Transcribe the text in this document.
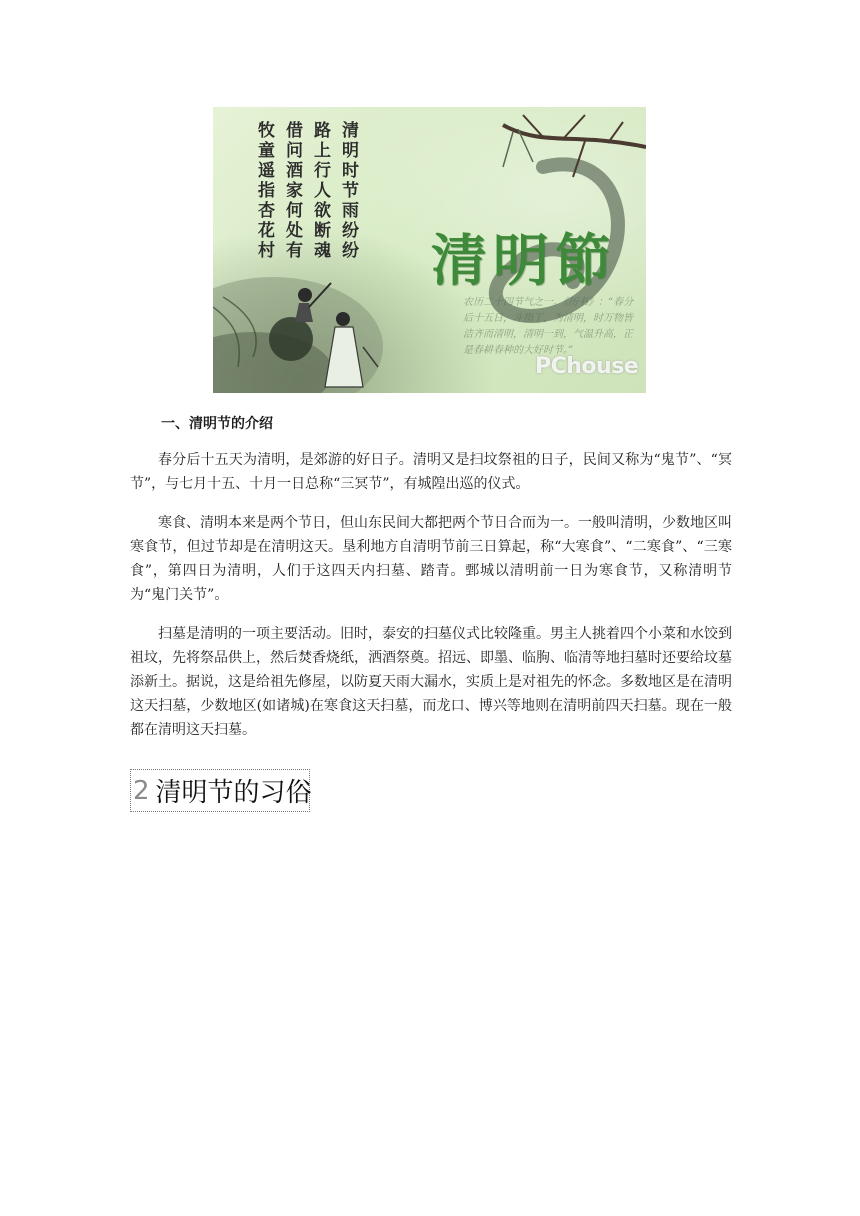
清明时节雨纷纷
路上行人欲断魂
借问酒家何处有
牧童遥指杏花村	清明節
农历二十四节气之一。《历书》：“春分后十五日，斗指丁，为清明，时万物皆洁齐而清明，清明一到，气温升高，正是春耕春种的大好时节。”
PChouse
一、清明节的介绍

春分后十五天为清明，是郊游的好日子。清明又是扫坟祭祖的日子，民间又称为“鬼节”、“冥节”，与七月十五、十月一日总称“三冥节”，有城隍出巡的仪式。

寒食、清明本来是两个节日，但山东民间大都把两个节日合而为一。一般叫清明，少数地区叫寒食节，但过节却是在清明这天。垦利地方自清明节前三日算起，称“大寒食”、“二寒食”、“三寒食”，第四日为清明，人们于这四天内扫墓、踏青。鄄城以清明前一日为寒食节，又称清明节为“鬼门关节”。

扫墓是清明的一项主要活动。旧时，泰安的扫墓仪式比较隆重。男主人挑着四个小菜和水饺到祖坟，先将祭品供上，然后焚香烧纸，洒酒祭奠。招远、即墨、临朐、临清等地扫墓时还要给坟墓添新土。据说，这是给祖先修屋，以防夏天雨大漏水，实质上是对祖先的怀念。多数地区是在清明这天扫墓，少数地区(如诸城)在寒食这天扫墓，而龙口、博兴等地则在清明前四天扫墓。现在一般都在清明这天扫墓。

2 清明节的习俗
